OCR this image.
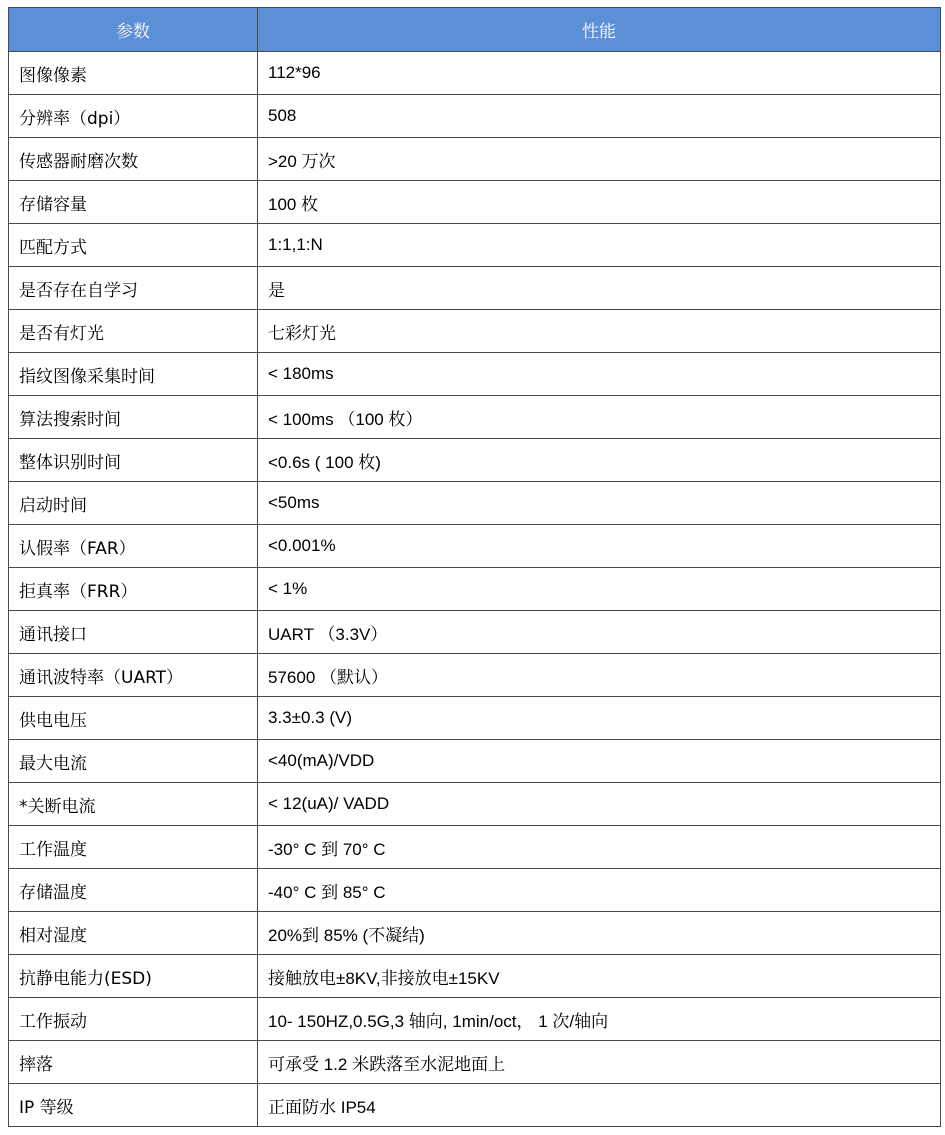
参数	性能
图像像素	112*96
分辨率（dpi）	508
传感器耐磨次数	>20 万次
存储容量	100 枚
匹配方式	1:1,1:N
是否存在自学习	是
是否有灯光	七彩灯光
指纹图像采集时间	< 180ms
算法搜索时间	< 100ms （100 枚）
整体识别时间	<0.6s ( 100 枚)
启动时间	<50ms
认假率（FAR）	<0.001%
拒真率（FRR）	< 1%
通讯接口	UART （3.3V）
通讯波特率（UART）	57600 （默认）
供电电压	3.3±0.3 (V)
最大电流	<40(mA)/VDD
*关断电流	< 12(uA)/ VADD
工作温度	-30° C 到 70° C
存储温度	-40° C 到 85° C
相对湿度	20%到 85% (不凝结)
抗静电能力(ESD)	接触放电±8KV,非接放电±15KV
工作振动	10- 150HZ,0.5G,3 轴向, 1min/oct， 1 次/轴向
摔落	可承受 1.2 米跌落至水泥地面上
IP 等级	正面防水 IP54
